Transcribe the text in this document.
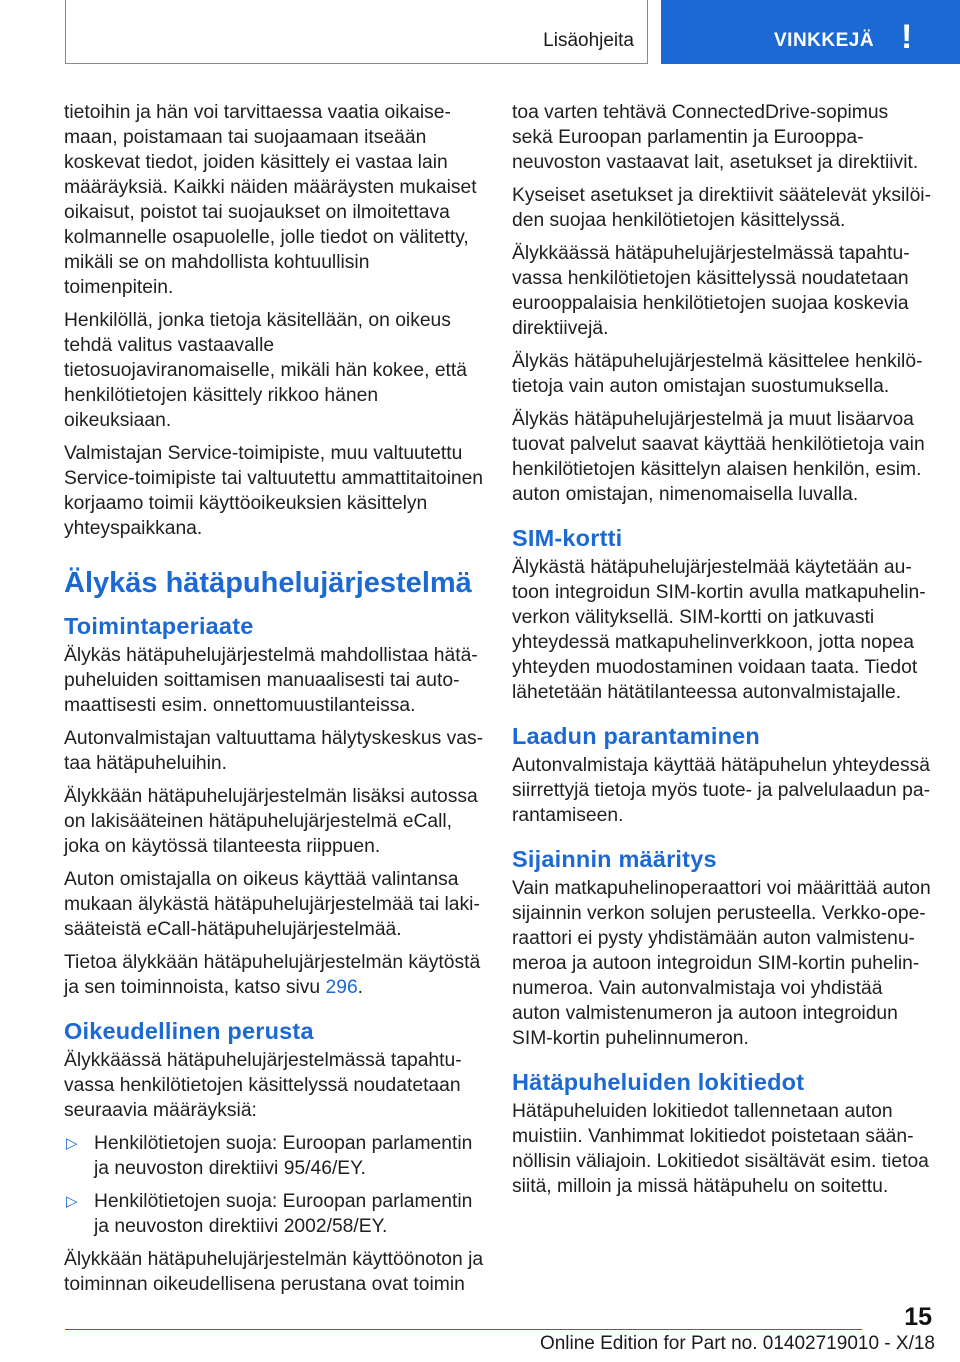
Lisäohjeita	VINKKEJÄ !

tietoihin ja hän voi tarvittaessa vaatia oikaisemaan, poistamaan tai suojaamaan itseään koskevat tiedot, joiden käsittely ei vastaa lain määräyksiä. Kaikki näiden määräysten mukaiset oikaisut, poistot tai suojaukset on ilmoitettava kolmannelle osapuolelle, jolle tiedot on välitetty, mikäli se on mahdollista kohtuullisin toimenpitein.

Henkilöllä, jonka tietoja käsitellään, on oikeus tehdä valitus vastaavalle tietosuojaviranomaiselle, mikäli hän kokee, että henkilötietojen käsittely rikkoo hänen oikeuksiaan.

Valmistajan Service-toimipiste, muu valtuutettu Service-toimipiste tai valtuutettu ammattitaitoinen korjaamo toimii käyttöoikeuksien käsittelyn yhteyspaikkana.

Älykäs hätäpuhelujärjestelmä
Toimintaperiaate

Älykäs hätäpuhelujärjestelmä mahdollistaa hätäpuheluiden soittamisen manuaalisesti tai automaattisesti esim. onnettomuustilanteissa.

Autonvalmistajan valtuuttama hälytyskeskus vastaa hätäpuheluihin.

Älykkään hätäpuhelujärjestelmän lisäksi autossa on lakisääteinen hätäpuhelujärjestelmä eCall, joka on käytössä tilanteesta riippuen.

Auton omistajalla on oikeus käyttää valintansa mukaan älykästä hätäpuhelujärjestelmää tai lakisääteistä eCall-hätäpuhelujärjestelmää.

Tietoa älykkään hätäpuhelujärjestelmän käytöstä ja sen toiminnoista, katso sivu 296.

Oikeudellinen perusta

Älykkäässä hätäpuhelujärjestelmässä tapahtuvassa henkilötietojen käsittelyssä noudatetaan seuraavia määräyksiä:

▷ Henkilötietojen suoja: Euroopan parlamentin ja neuvoston direktiivi 95/46/EY.
▷ Henkilötietojen suoja: Euroopan parlamentin ja neuvoston direktiivi 2002/58/EY.

Älykkään hätäpuhelujärjestelmän käyttöönoton ja toiminnan oikeudellisena perustana ovat toimin

toa varten tehtävä ConnectedDrive-sopimus sekä Euroopan parlamentin ja Eurooppa-neuvoston vastaavat lait, asetukset ja direktiivit.

Kyseiset asetukset ja direktiivit säätelevät yksilöiden suojaa henkilötietojen käsittelyssä.

Älykkäässä hätäpuhelujärjestelmässä tapahtuvassa henkilötietojen käsittelyssä noudatetaan eurooppalaisia henkilötietojen suojaa koskevia direktiivejä.

Älykäs hätäpuhelujärjestelmä käsittelee henkilötietoja vain auton omistajan suostumuksella.

Älykäs hätäpuhelujärjestelmä ja muut lisäarvoa tuovat palvelut saavat käyttää henkilötietoja vain henkilötietojen käsittelyn alaisen henkilön, esim. auton omistajan, nimenomaisella luvalla.

SIM-kortti

Älykästä hätäpuhelujärjestelmää käytetään autoon integroidun SIM-kortin avulla matkapuhelinverkon välityksellä. SIM-kortti on jatkuvasti yhteydessä matkapuhelinverkkoon, jotta nopea yhteyden muodostaminen voidaan taata. Tiedot lähetetään hätätilanteessa autonvalmistajalle.

Laadun parantaminen

Autonvalmistaja käyttää hätäpuhelun yhteydessä siirrettyjä tietoja myös tuote- ja palvelulaadun parantamiseen.

Sijainnin määritys

Vain matkapuhelinoperaattori voi määrittää auton sijainnin verkon solujen perusteella. Verkko-operaattori ei pysty yhdistämään auton valmistenumeroa ja autoon integroidun SIM-kortin puhelinnumeroa. Vain autonvalmistaja voi yhdistää auton valmistenumeron ja autoon integroidun SIM-kortin puhelinnumeron.

Hätäpuheluiden lokitiedot

Hätäpuheluiden lokitiedot tallennetaan auton muistiin. Vanhimmat lokitiedot poistetaan säännöllisin väliajoin. Lokitiedot sisältävät esim. tietoa siitä, milloin ja missä hätäpuhelu on soitettu.

15
Online Edition for Part no. 01402719010 - X/18
